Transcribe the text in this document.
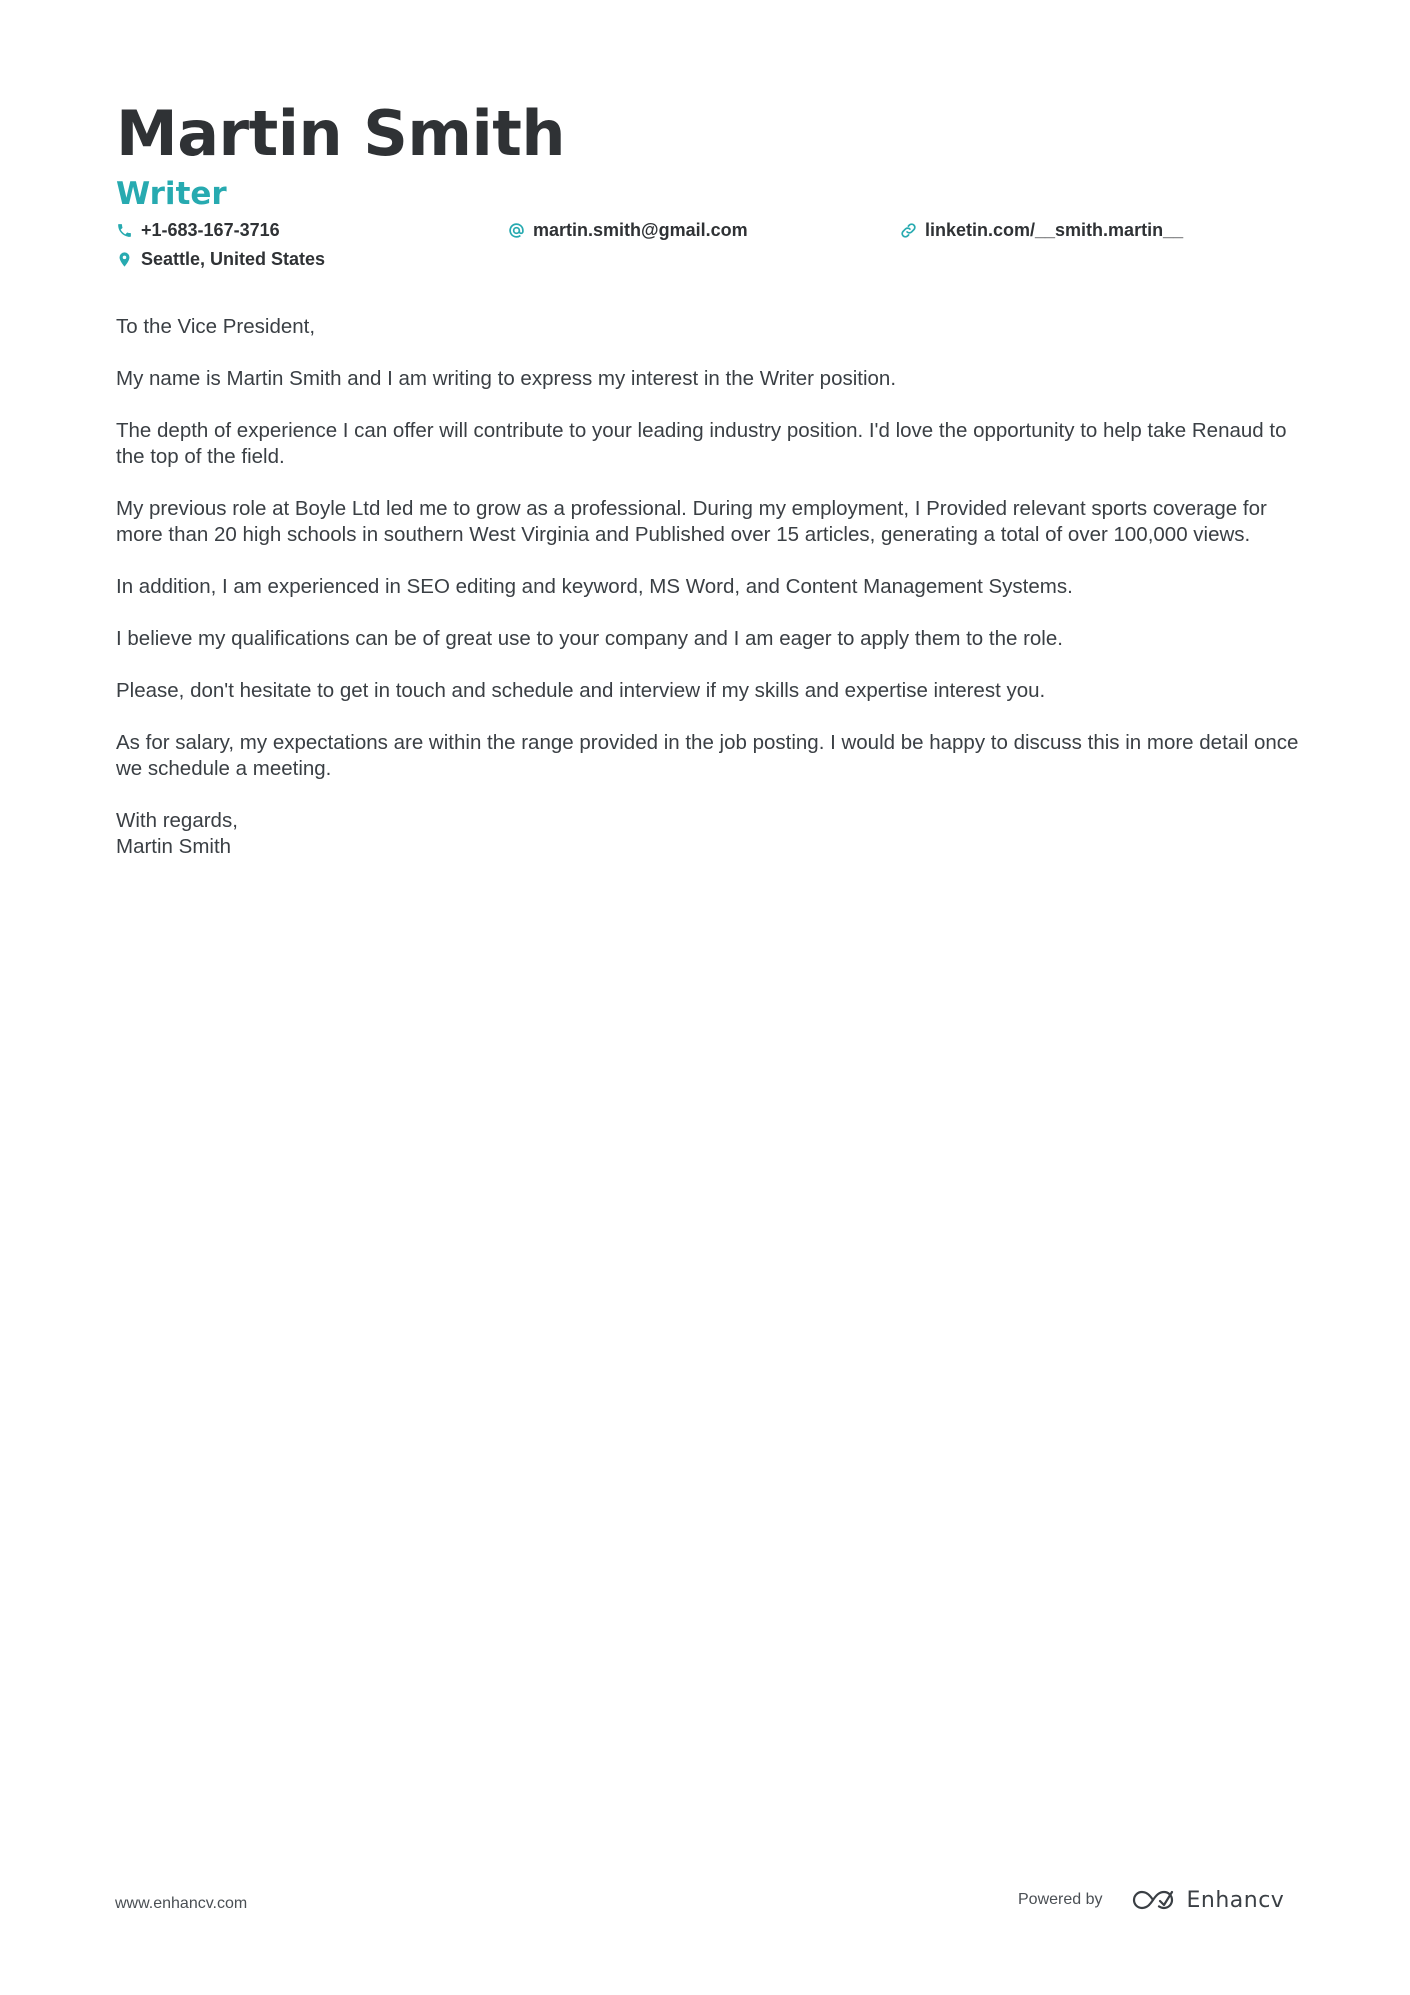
Martin Smith
Writer
+1-683-167-3716	martin.smith@gmail.com	linketin.com/__smith.martin__
Seattle, United States

To the Vice President,

My name is Martin Smith and I am writing to express my interest in the Writer position.

The depth of experience I can offer will contribute to your leading industry position. I'd love the opportunity to help take Renaud to the top of the field.

My previous role at Boyle Ltd led me to grow as a professional. During my employment, I Provided relevant sports coverage for more than 20 high schools in southern West Virginia and Published over 15 articles, generating a total of over 100,000 views.

In addition, I am experienced in SEO editing and keyword, MS Word, and Content Management Systems.

I believe my qualifications can be of great use to your company and I am eager to apply them to the role.

Please, don't hesitate to get in touch and schedule and interview if my skills and expertise interest you.

As for salary, my expectations are within the range provided in the job posting. I would be happy to discuss this in more detail once we schedule a meeting.

With regards,
Martin Smith
www.enhancv.com	Powered by	Enhancv
